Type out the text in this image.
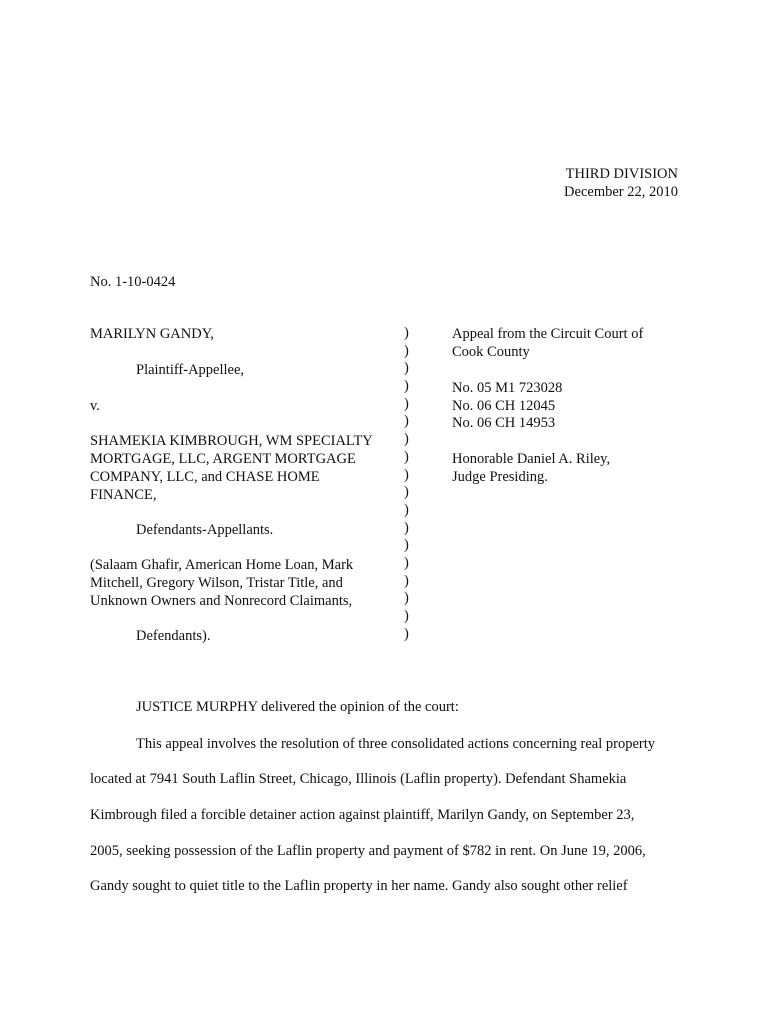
THIRD DIVISION
December 22, 2010
No. 1-10-0424
MARILYN GANDY,
Plaintiff-Appellee,
v.
SHAMEKIA KIMBROUGH, WM SPECIALTY
MORTGAGE, LLC, ARGENT MORTGAGE
COMPANY, LLC, and CHASE HOME
FINANCE,
Defendants-Appellants.
(Salaam Ghafir, American Home Loan, Mark
Mitchell, Gregory Wilson, Tristar Title, and
Unknown Owners and Nonrecord Claimants,
Defendants).
)
)
)
)
)
)
)
)
)
)
)
)
)
)
)
)
)
)
Appeal from the Circuit Court of
Cook County
No. 05 M1 723028
No. 06 CH 12045
No. 06 CH 14953
Honorable Daniel A. Riley,
Judge Presiding.
JUSTICE MURPHY delivered the opinion of the court:
This appeal involves the resolution of three consolidated actions concerning real property
located at 7941 South Laflin Street, Chicago, Illinois (Laflin property). Defendant Shamekia
Kimbrough filed a forcible detainer action against plaintiff, Marilyn Gandy, on September 23,
2005, seeking possession of the Laflin property and payment of $782 in rent. On June 19, 2006,
Gandy sought to quiet title to the Laflin property in her name. Gandy also sought other relief
